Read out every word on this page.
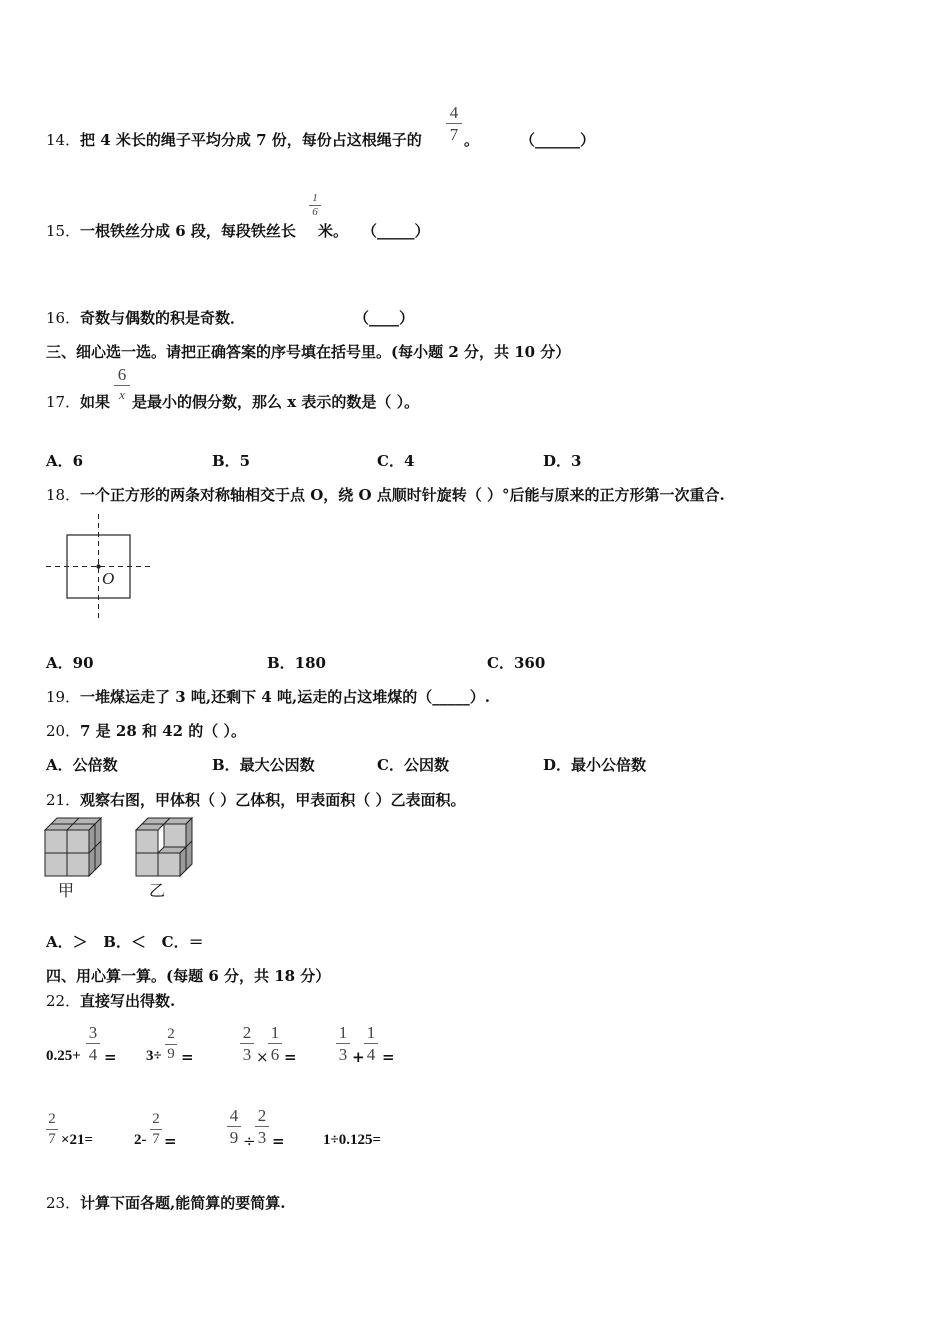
14． 把 4 米长的绳子平均分成 7 份，每份占这根绳子的
4
7 。	（______）
15． 一根铁丝分成 6 段，每段铁丝长
1
6
米。 （_____）
16． 奇数与偶数的积是奇数．	（____）
三、细心选一选。请把正确答案的序号填在括号里。(每小题 2 分，共 10 分）
17． 如果
6
x 是最小的假分数，那么 x 表示的数是（ ）。
A．6	B．5	C．4	D．3
18． 一个正方形的两条对称轴相交于点 O，绕 O 点顺时针旋转（ ）°后能与原来的正方形第一次重合.
O
A．90	B．180	C．360
19． 一堆煤运走了 3 吨,还剩下 4 吨,运走的占这堆煤的（_____）.
20． 7 是 28 和 42 的（ ）。
A．公倍数	B．最大公因数	C．公因数	D．最小公倍数
21． 观察右图，甲体积（ ）乙体积，甲表面积（ ）乙表面积。
甲	乙
A．＞   B．＜   C．＝
四、用心算一算。(每题 6 分，共 18 分）
22． 直接写出得数.
0.25+
3
4 = 3÷
2
9 =
2
3 ×
1
6 =
1
3 +
1
4 =
2
7 ×21=	2-
2
7 =
4
9 ÷
2
3 =	1÷0.125=
23． 计算下面各题,能简算的要简算.
